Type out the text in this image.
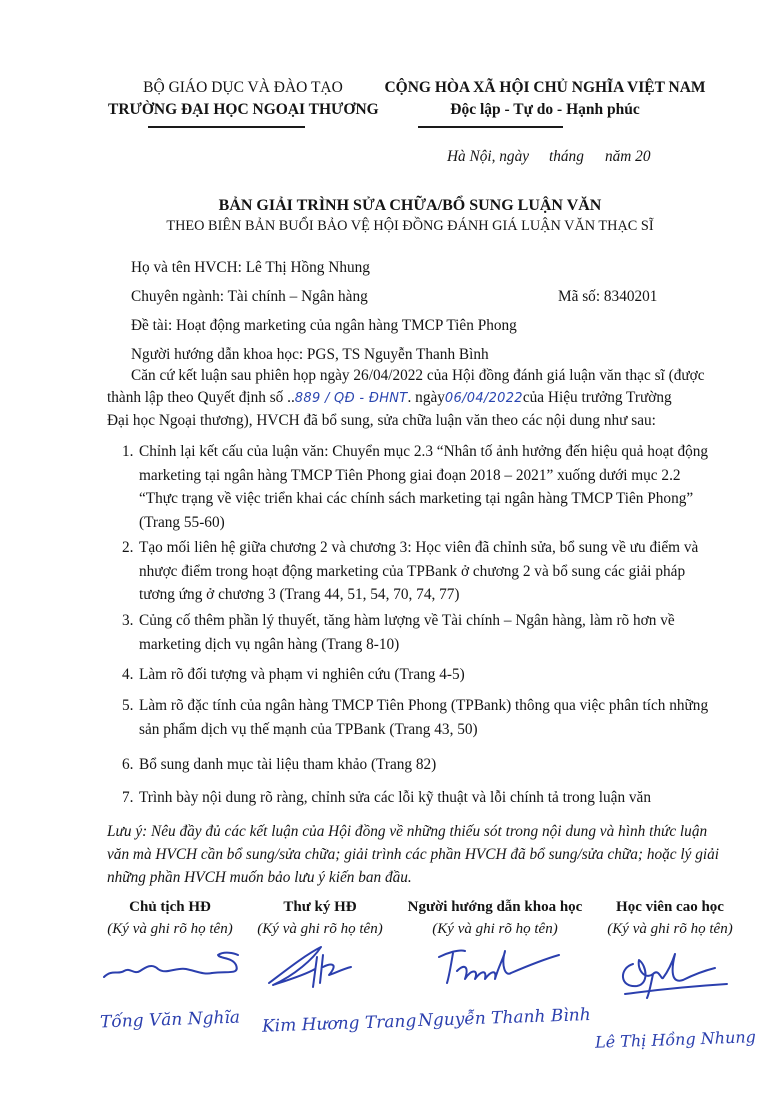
BỘ GIÁO DỤC VÀ ĐÀO TẠO
TRƯỜNG ĐẠI HỌC NGOẠI THƯƠNG
CỘNG HÒA XÃ HỘI CHỦ NGHĨA VIỆT NAM
Độc lập - Tự do - Hạnh phúc
Hà Nội, ngày tháng năm 20
BẢN GIẢI TRÌNH SỬA CHỮA/BỔ SUNG LUẬN VĂN
THEO BIÊN BẢN BUỔI BẢO VỆ HỘI ĐỒNG ĐÁNH GIÁ LUẬN VĂN THẠC SĨ
Họ và tên HVCH: Lê Thị Hồng Nhung
Chuyên ngành: Tài chính – Ngân hàng	Mã số: 8340201
Đề tài: Hoạt động marketing của ngân hàng TMCP Tiên Phong
Người hướng dẫn khoa học: PGS, TS Nguyễn Thanh Bình
Căn cứ kết luận sau phiên họp ngày 26/04/2022 của Hội đồng đánh giá luận văn thạc sĩ (được
thành lập theo Quyết định số ..889 / QĐ - ĐHNT. ngày06/04/2022của Hiệu trưởng Trường
Đại học Ngoại thương), HVCH đã bổ sung, sửa chữa luận văn theo các nội dung như sau:
1. Chỉnh lại kết cấu của luận văn: Chuyển mục 2.3 “Nhân tố ảnh hưởng đến hiệu quả hoạt động marketing tại ngân hàng TMCP Tiên Phong giai đoạn 2018 – 2021” xuống dưới mục 2.2 “Thực trạng về việc triển khai các chính sách marketing tại ngân hàng TMCP Tiên Phong” (Trang 55-60)
2. Tạo mối liên hệ giữa chương 2 và chương 3: Học viên đã chỉnh sửa, bổ sung về ưu điểm và nhược điểm trong hoạt động marketing của TPBank ở chương 2 và bổ sung các giải pháp tương ứng ở chương 3 (Trang 44, 51, 54, 70, 74, 77)
3. Củng cố thêm phần lý thuyết, tăng hàm lượng về Tài chính – Ngân hàng, làm rõ hơn về marketing dịch vụ ngân hàng (Trang 8-10)
4. Làm rõ đối tượng và phạm vi nghiên cứu (Trang 4-5)
5. Làm rõ đặc tính của ngân hàng TMCP Tiên Phong (TPBank) thông qua việc phân tích những sản phẩm dịch vụ thế mạnh của TPBank (Trang 43, 50)
6. Bổ sung danh mục tài liệu tham khảo (Trang 82)
7. Trình bày nội dung rõ ràng, chỉnh sửa các lỗi kỹ thuật và lỗi chính tả trong luận văn
Lưu ý: Nêu đầy đủ các kết luận của Hội đồng về những thiếu sót trong nội dung và hình thức luận
văn mà HVCH cần bổ sung/sửa chữa; giải trình các phần HVCH đã bổ sung/sửa chữa; hoặc lý giải
những phần HVCH muốn bảo lưu ý kiến ban đầu.
Chủ tịch HĐ
(Ký và ghi rõ họ tên)
Thư ký HĐ
(Ký và ghi rõ họ tên)
Người hướng dẫn khoa học
(Ký và ghi rõ họ tên)
Học viên cao học
(Ký và ghi rõ họ tên)
Tống Văn Nghĩa Kim Hương Trang Nguyễn Thanh Bình
Lê Thị Hồng Nhung
